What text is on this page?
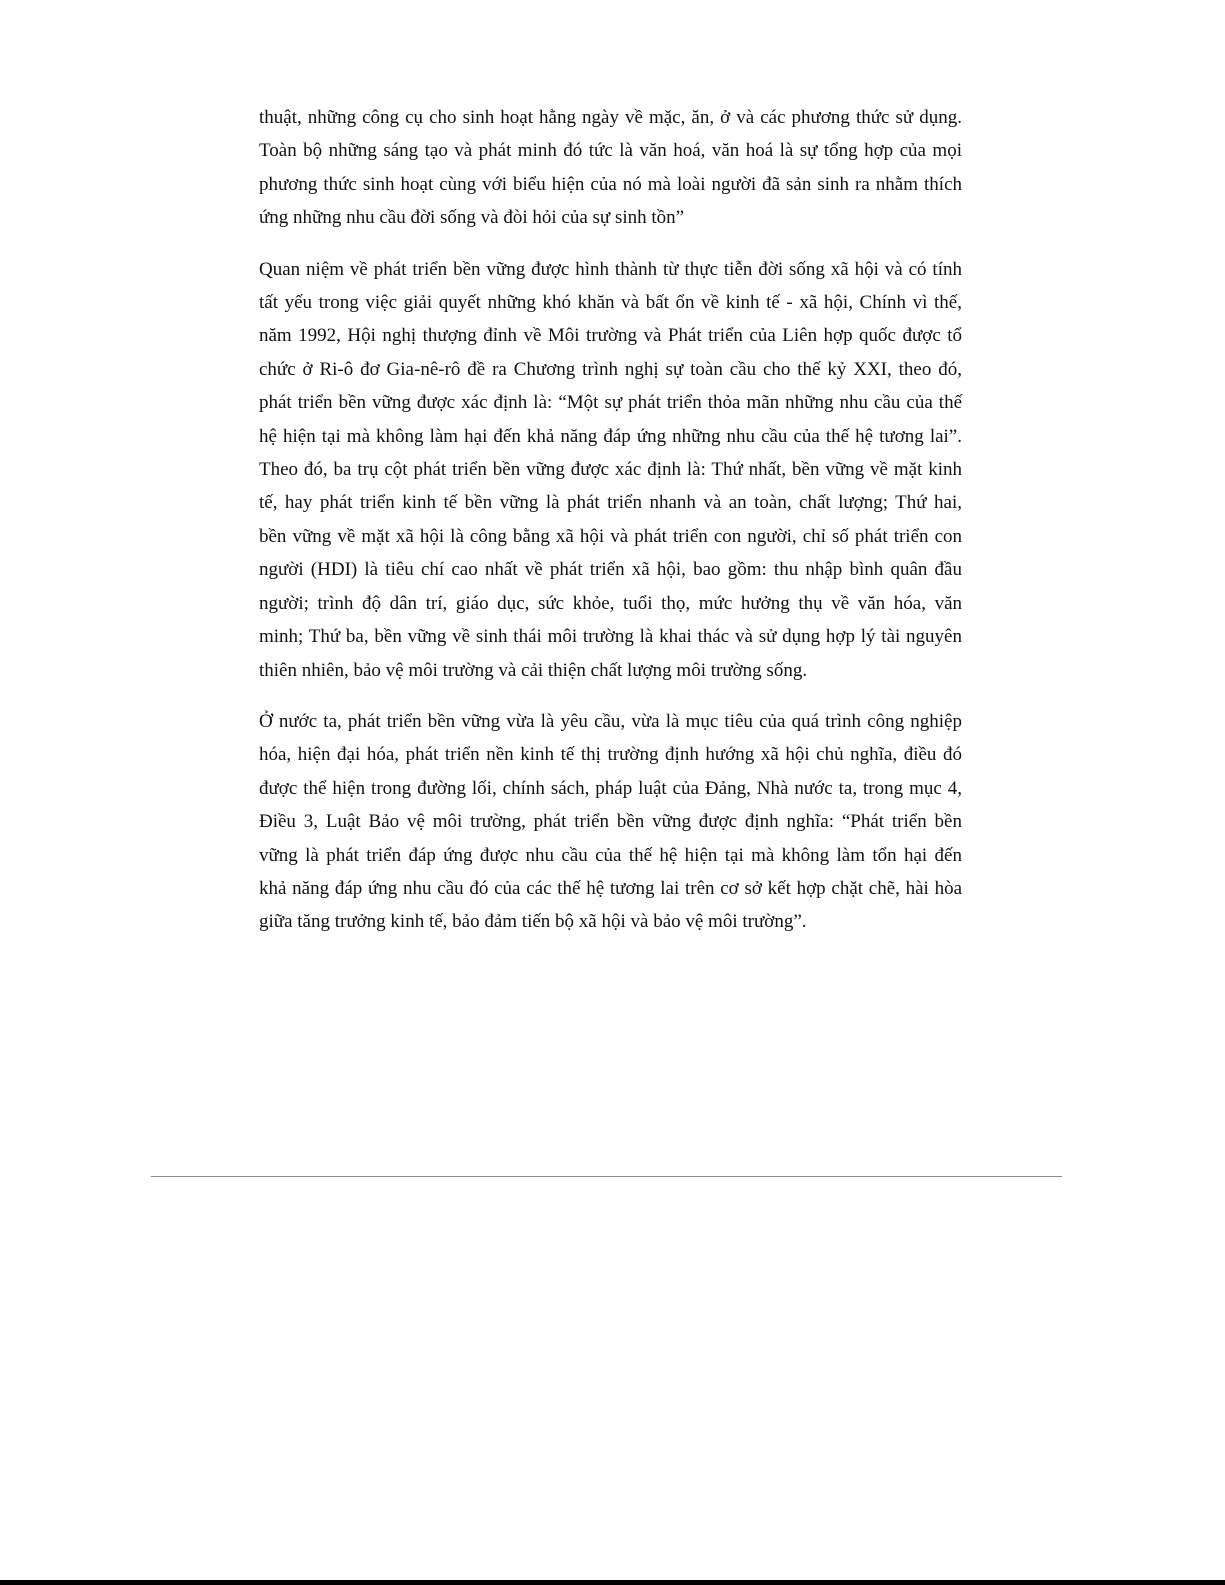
thuật, những công cụ cho sinh hoạt hằng ngày về mặc, ăn, ở và các phương thức sử dụng.
Toàn bộ những sáng tạo và phát minh đó tức là văn hoá, văn hoá là sự tổng hợp của mọi
phương thức sinh hoạt cùng với biểu hiện của nó mà loài người đã sản sinh ra nhằm thích
ứng những nhu cầu đời sống và đòi hỏi của sự sinh tồn”

Quan niệm về phát triển bền vững được hình thành từ thực tiễn đời sống xã hội và có tính
tất yếu trong việc giải quyết những khó khăn và bất ổn về kinh tế - xã hội, Chính vì thế,
năm 1992, Hội nghị thượng đỉnh về Môi trường và Phát triển của Liên hợp quốc được tổ
chức ở Ri-ô đơ Gia-nê-rô đề ra Chương trình nghị sự toàn cầu cho thế kỷ XXI, theo đó,
phát triển bền vững được xác định là: “Một sự phát triển thỏa mãn những nhu cầu của thế
hệ hiện tại mà không làm hại đến khả năng đáp ứng những nhu cầu của thế hệ tương lai”.
Theo đó, ba trụ cột phát triển bền vững được xác định là: Thứ nhất, bền vững về mặt kinh
tế, hay phát triển kinh tế bền vững là phát triển nhanh và an toàn, chất lượng; Thứ hai,
bền vững về mặt xã hội là công bằng xã hội và phát triển con người, chỉ số phát triển con
người (HDI) là tiêu chí cao nhất về phát triển xã hội, bao gồm: thu nhập bình quân đầu
người; trình độ dân trí, giáo dục, sức khỏe, tuổi thọ, mức hưởng thụ về văn hóa, văn
minh; Thứ ba, bền vững về sinh thái môi trường là khai thác và sử dụng hợp lý tài nguyên
thiên nhiên, bảo vệ môi trường và cải thiện chất lượng môi trường sống.

Ở nước ta, phát triển bền vững vừa là yêu cầu, vừa là mục tiêu của quá trình công nghiệp
hóa, hiện đại hóa, phát triển nền kinh tế thị trường định hướng xã hội chủ nghĩa, điều đó
được thể hiện trong đường lối, chính sách, pháp luật của Đảng, Nhà nước ta, trong mục 4,
Điều 3, Luật Bảo vệ môi trường, phát triển bền vững được định nghĩa: “Phát triển bền
vững là phát triển đáp ứng được nhu cầu của thế hệ hiện tại mà không làm tổn hại đến
khả năng đáp ứng nhu cầu đó của các thế hệ tương lai trên cơ sở kết hợp chặt chẽ, hài hòa
giữa tăng trưởng kinh tế, bảo đảm tiến bộ xã hội và bảo vệ môi trường”.
